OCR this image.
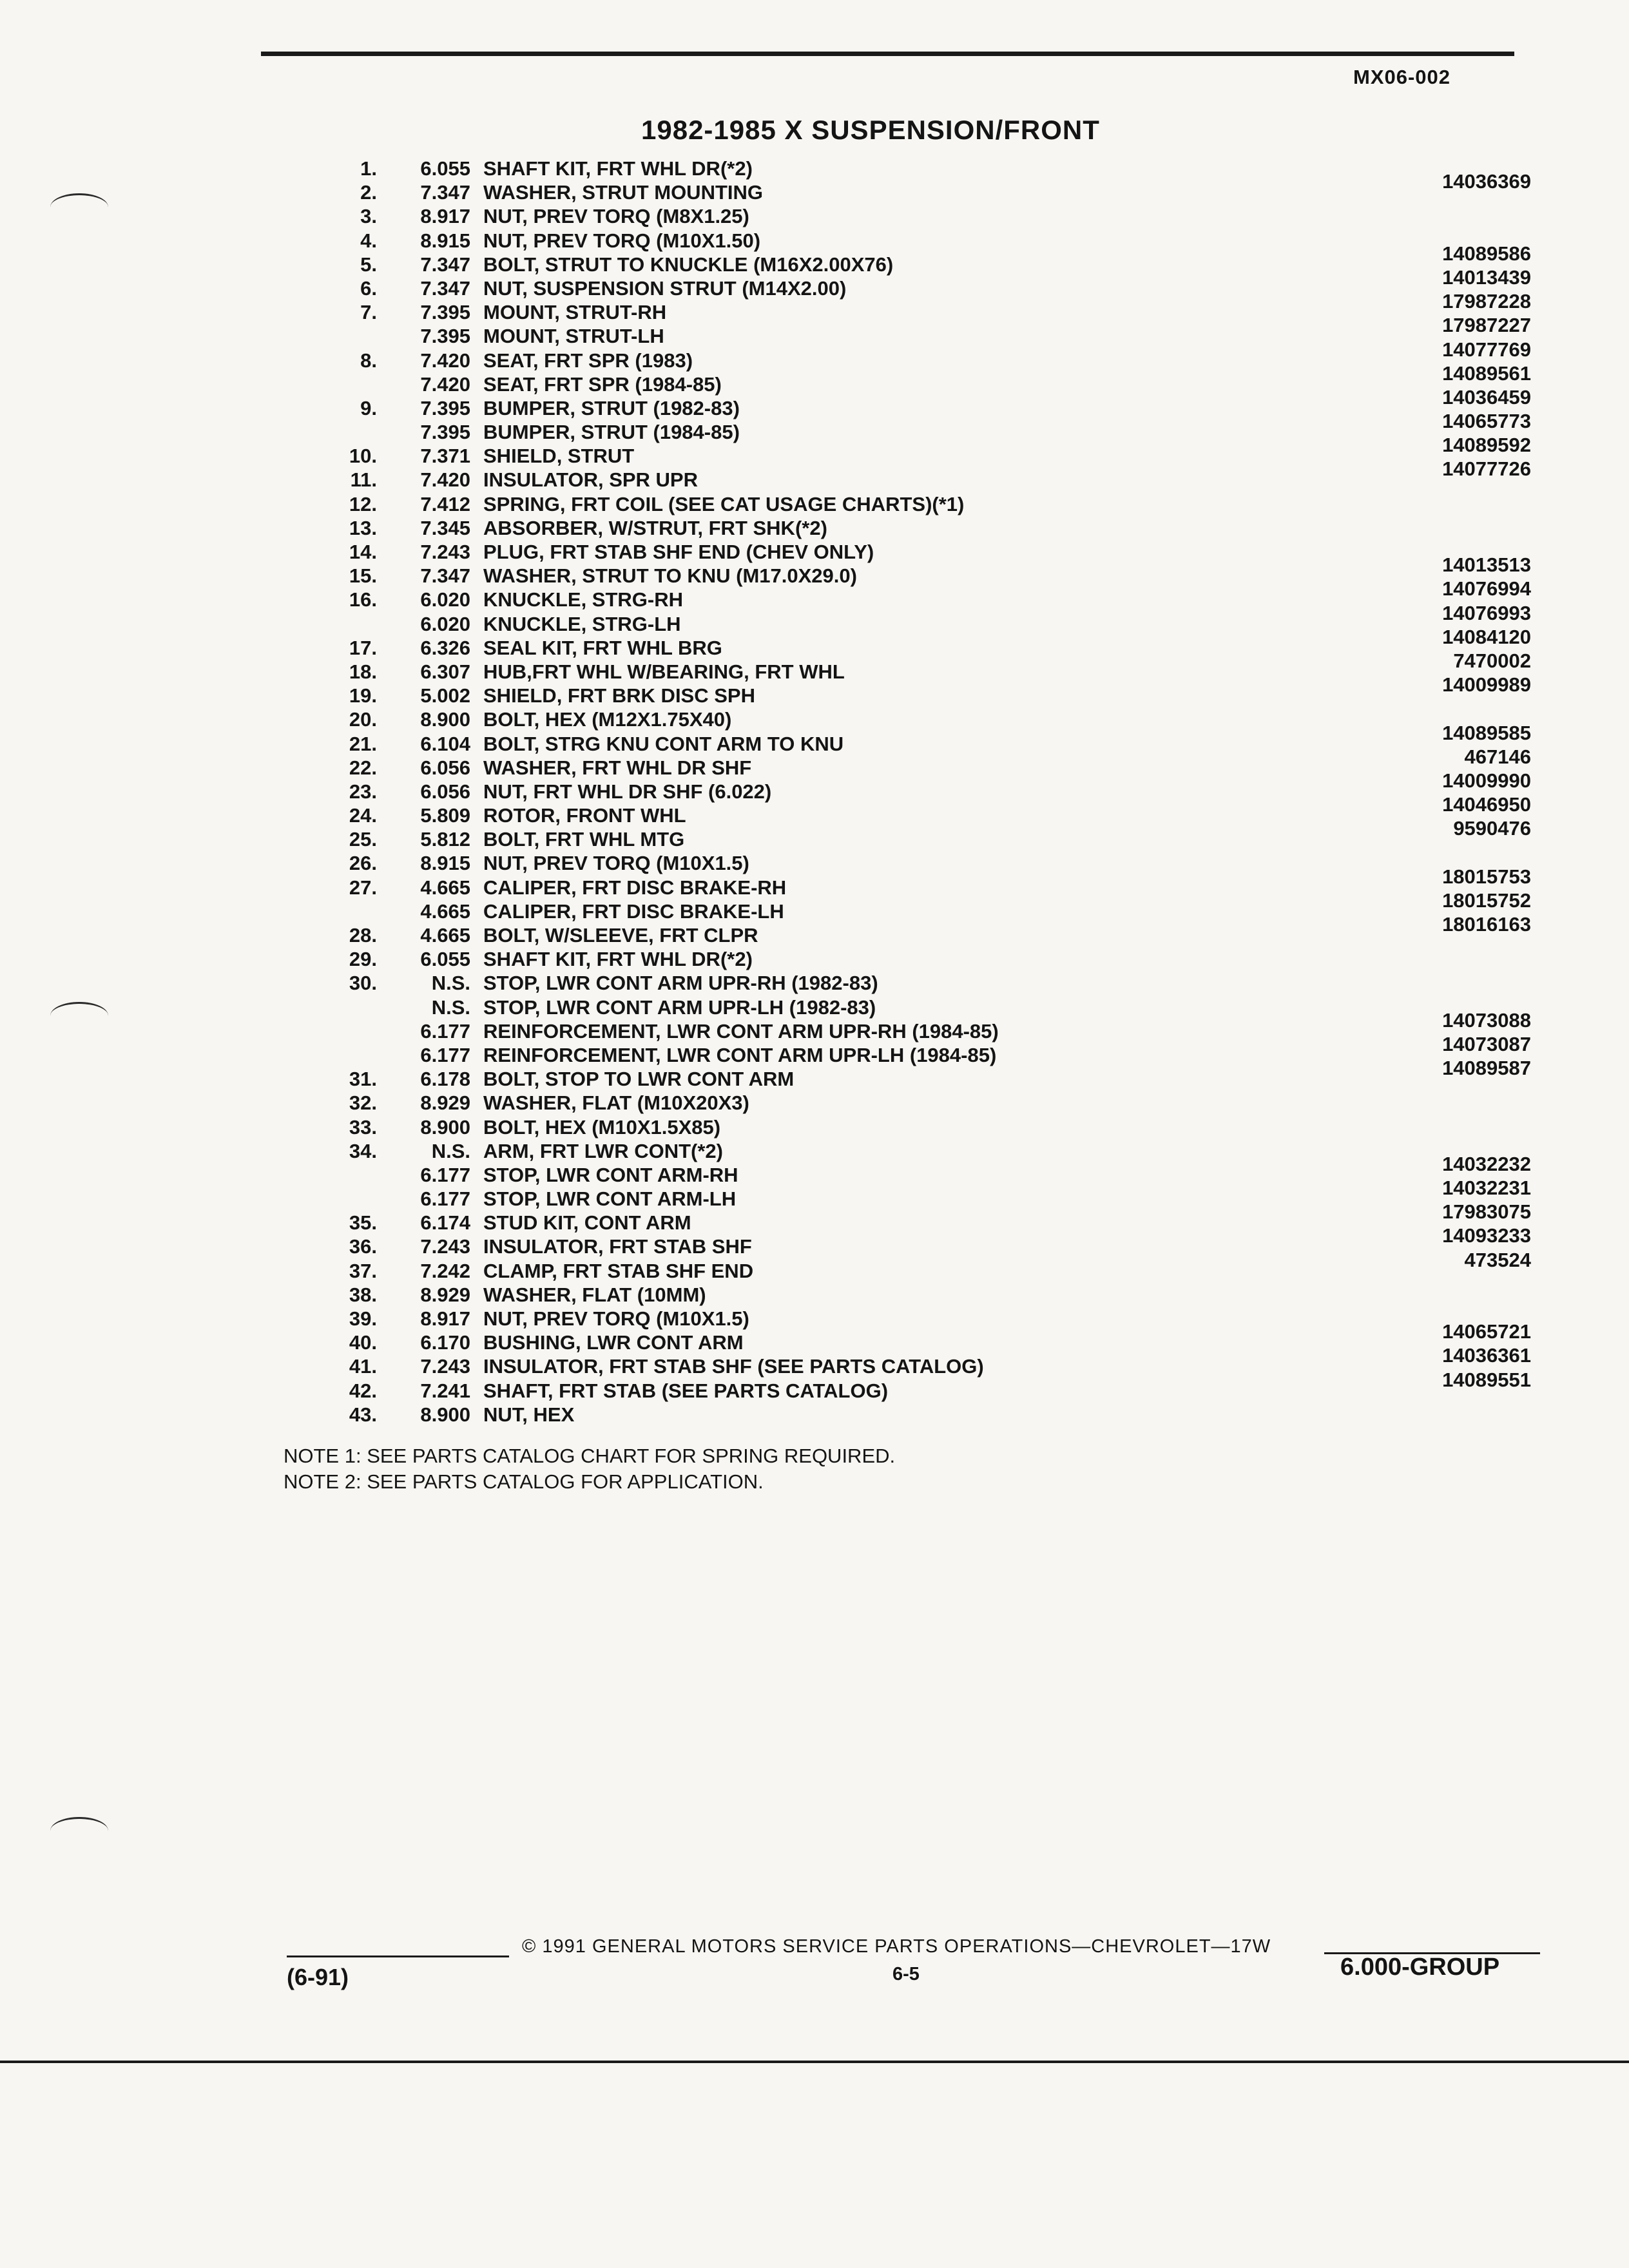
MX06-002
1982-1985 X SUSPENSION/FRONT
1.	6.055 SHAFT KIT, FRT WHL DR(*2)
2.	7.347 WASHER, STRUT MOUNTING	14036369
3.	8.917 NUT, PREV TORQ (M8X1.25)
4.	8.915 NUT, PREV TORQ (M10X1.50)
5.	7.347 BOLT, STRUT TO KNUCKLE (M16X2.00X76)	14089586
6.	7.347 NUT, SUSPENSION STRUT (M14X2.00)	14013439
7.	7.395 MOUNT, STRUT-RH	17987228
7.395 MOUNT, STRUT-LH	17987227
8.	7.420 SEAT, FRT SPR (1983)	14077769
7.420 SEAT, FRT SPR (1984-85)	14089561
9.	7.395 BUMPER, STRUT (1982-83)	14036459
7.395 BUMPER, STRUT (1984-85)	14065773
10.	7.371 SHIELD, STRUT	14089592
11.	7.420 INSULATOR, SPR UPR	14077726
12.	7.412 SPRING, FRT COIL (SEE CAT USAGE CHARTS)(*1)
13.	7.345 ABSORBER, W/STRUT, FRT SHK(*2)
14.	7.243 PLUG, FRT STAB SHF END (CHEV ONLY)
15.	7.347 WASHER, STRUT TO KNU (M17.0X29.0)	14013513
16.	6.020 KNUCKLE, STRG-RH	14076994
6.020 KNUCKLE, STRG-LH	14076993
17.	6.326 SEAL KIT, FRT WHL BRG	14084120
18.	6.307 HUB,FRT WHL W/BEARING, FRT WHL	7470002
19.	5.002 SHIELD, FRT BRK DISC SPH	14009989
20.	8.900 BOLT, HEX (M12X1.75X40)
21.	6.104 BOLT, STRG KNU CONT ARM TO KNU	14089585
22.	6.056 WASHER, FRT WHL DR SHF	467146
23.	6.056 NUT, FRT WHL DR SHF (6.022)	14009990
24.	5.809 ROTOR, FRONT WHL	14046950
25.	5.812 BOLT, FRT WHL MTG	9590476
26.	8.915 NUT, PREV TORQ (M10X1.5)
27.	4.665 CALIPER, FRT DISC BRAKE-RH	18015753
4.665 CALIPER, FRT DISC BRAKE-LH	18015752
28.	4.665 BOLT, W/SLEEVE, FRT CLPR	18016163
29.	6.055 SHAFT KIT, FRT WHL DR(*2)
30.	N.S. STOP, LWR CONT ARM UPR-RH (1982-83)
N.S. STOP, LWR CONT ARM UPR-LH (1982-83)
6.177 REINFORCEMENT, LWR CONT ARM UPR-RH (1984-85)	14073088
6.177 REINFORCEMENT, LWR CONT ARM UPR-LH (1984-85)	14073087
31.	6.178 BOLT, STOP TO LWR CONT ARM	14089587
32.	8.929 WASHER, FLAT (M10X20X3)
33.	8.900 BOLT, HEX (M10X1.5X85)
34.	N.S. ARM, FRT LWR CONT(*2)
6.177 STOP, LWR CONT ARM-RH	14032232
6.177 STOP, LWR CONT ARM-LH	14032231
35.	6.174 STUD KIT, CONT ARM	17983075
36.	7.243 INSULATOR, FRT STAB SHF	14093233
37.	7.242 CLAMP, FRT STAB SHF END	473524
38.	8.929 WASHER, FLAT (10MM)
39.	8.917 NUT, PREV TORQ (M10X1.5)
40.	6.170 BUSHING, LWR CONT ARM	14065721
41.	7.243 INSULATOR, FRT STAB SHF (SEE PARTS CATALOG)	14036361
42.	7.241 SHAFT, FRT STAB (SEE PARTS CATALOG)	14089551
43.	8.900 NUT, HEX
NOTE 1: SEE PARTS CATALOG CHART FOR SPRING REQUIRED.
NOTE 2: SEE PARTS CATALOG FOR APPLICATION.
© 1991 GENERAL MOTORS SERVICE PARTS OPERATIONS—CHEVROLET—17W
(6-91)	6-5	6.000-GROUP
